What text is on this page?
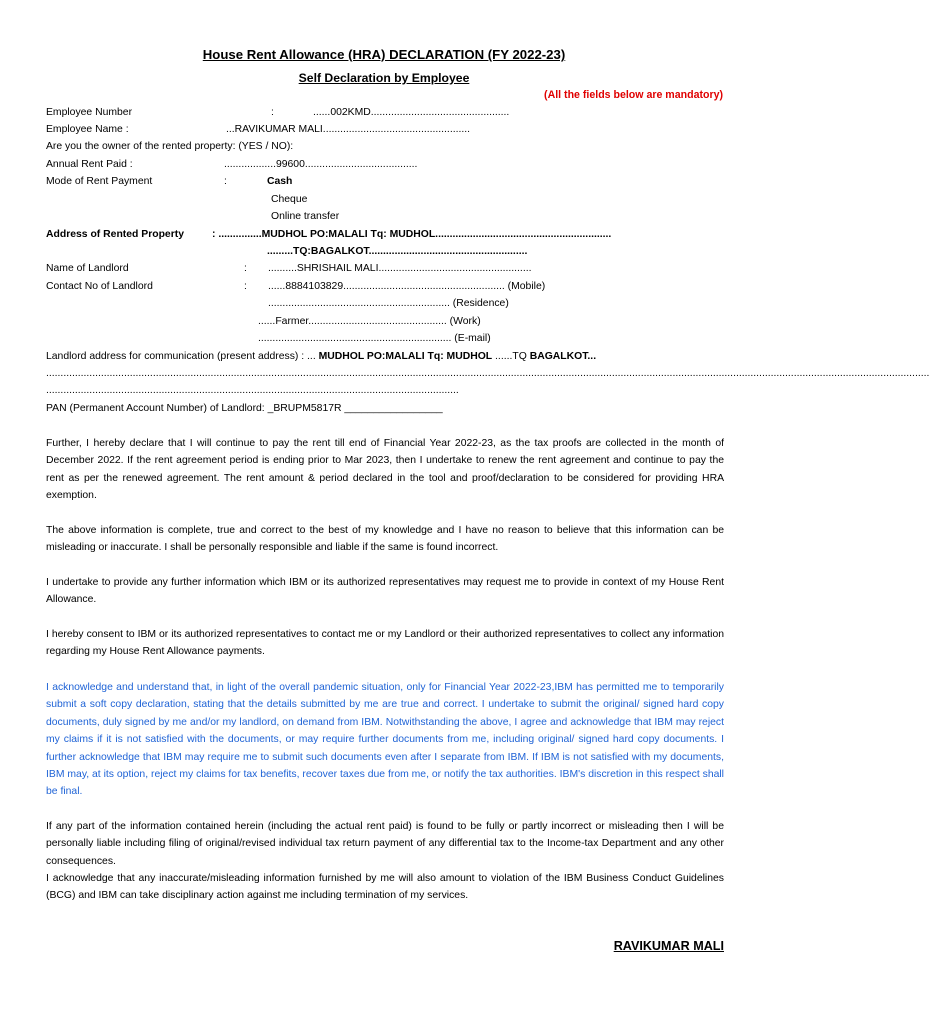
House Rent Allowance (HRA) DECLARATION (FY 2022-23)
Self Declaration by Employee
(All the fields below are mandatory)
Employee Number	:	......002KMD................................................
Employee Name :	...RAVIKUMAR MALI...................................................
Are you the owner of the rented property: (YES / NO):
Annual Rent Paid :	..................99600.......................................
Mode of Rent Payment	:	Cash
Cheque
Online transfer
Address of Rented Property	: ...............MUDHOL PO:MALALI Tq: MUDHOL.............................................................
.........TQ:BAGALKOT.......................................................
Name of Landlord	: ..........SHRISHAIL MALI.....................................................
Contact No of Landlord	: ......8884103829........................................................ (Mobile)
............................................................... (Residence)
......Farmer................................................ (Work)
................................................................... (E-mail)
Landlord address for communication (present address) : ... MUDHOL PO:MALALI Tq: MUDHOL ......TQ BAGALKOT...
..................................................................................................................................................................................................................................................................................................................
...............................................................................................................................................
PAN (Permanent Account Number) of Landlord: _BRUPM5817R _________________
Further, I hereby declare that I will continue to pay the rent till end of Financial Year 2022-23, as the tax proofs are collected in the month of December 2022. If the rent agreement period is ending prior to Mar 2023, then I undertake to renew the rent agreement and continue to pay the rent as per the renewed agreement. The rent amount & period declared in the tool and proof/declaration to be considered for providing HRA exemption.
The above information is complete, true and correct to the best of my knowledge and I have no reason to believe that this information can be misleading or inaccurate. I shall be personally responsible and liable if the same is found incorrect.
I undertake to provide any further information which IBM or its authorized representatives may request me to provide in context of my House Rent Allowance.
I hereby consent to IBM or its authorized representatives to contact me or my Landlord or their authorized representatives to collect any information regarding my House Rent Allowance payments.
I acknowledge and understand that, in light of the overall pandemic situation, only for Financial Year 2022-23,IBM has permitted me to temporarily submit a soft copy declaration, stating that the details submitted by me are true and correct. I undertake to submit the original/ signed hard copy documents, duly signed by me and/or my landlord, on demand from IBM. Notwithstanding the above, I agree and acknowledge that IBM may reject my claims if it is not satisfied with the documents, or may require further documents from me, including original/ signed hard copy documents. I further acknowledge that IBM may require me to submit such documents even after I separate from IBM. If IBM is not satisfied with my documents, IBM may, at its option, reject my claims for tax benefits, recover taxes due from me, or notify the tax authorities. IBM's discretion in this respect shall be final.
If any part of the information contained herein (including the actual rent paid) is found to be fully or partly incorrect or misleading then I will be personally liable including filing of original/revised individual tax return payment of any differential tax to the Income-tax Department and any other consequences.
I acknowledge that any inaccurate/misleading information furnished by me will also amount to violation of the IBM Business Conduct Guidelines (BCG) and IBM can take disciplinary action against me including termination of my services.
RAVIKUMAR MALI
